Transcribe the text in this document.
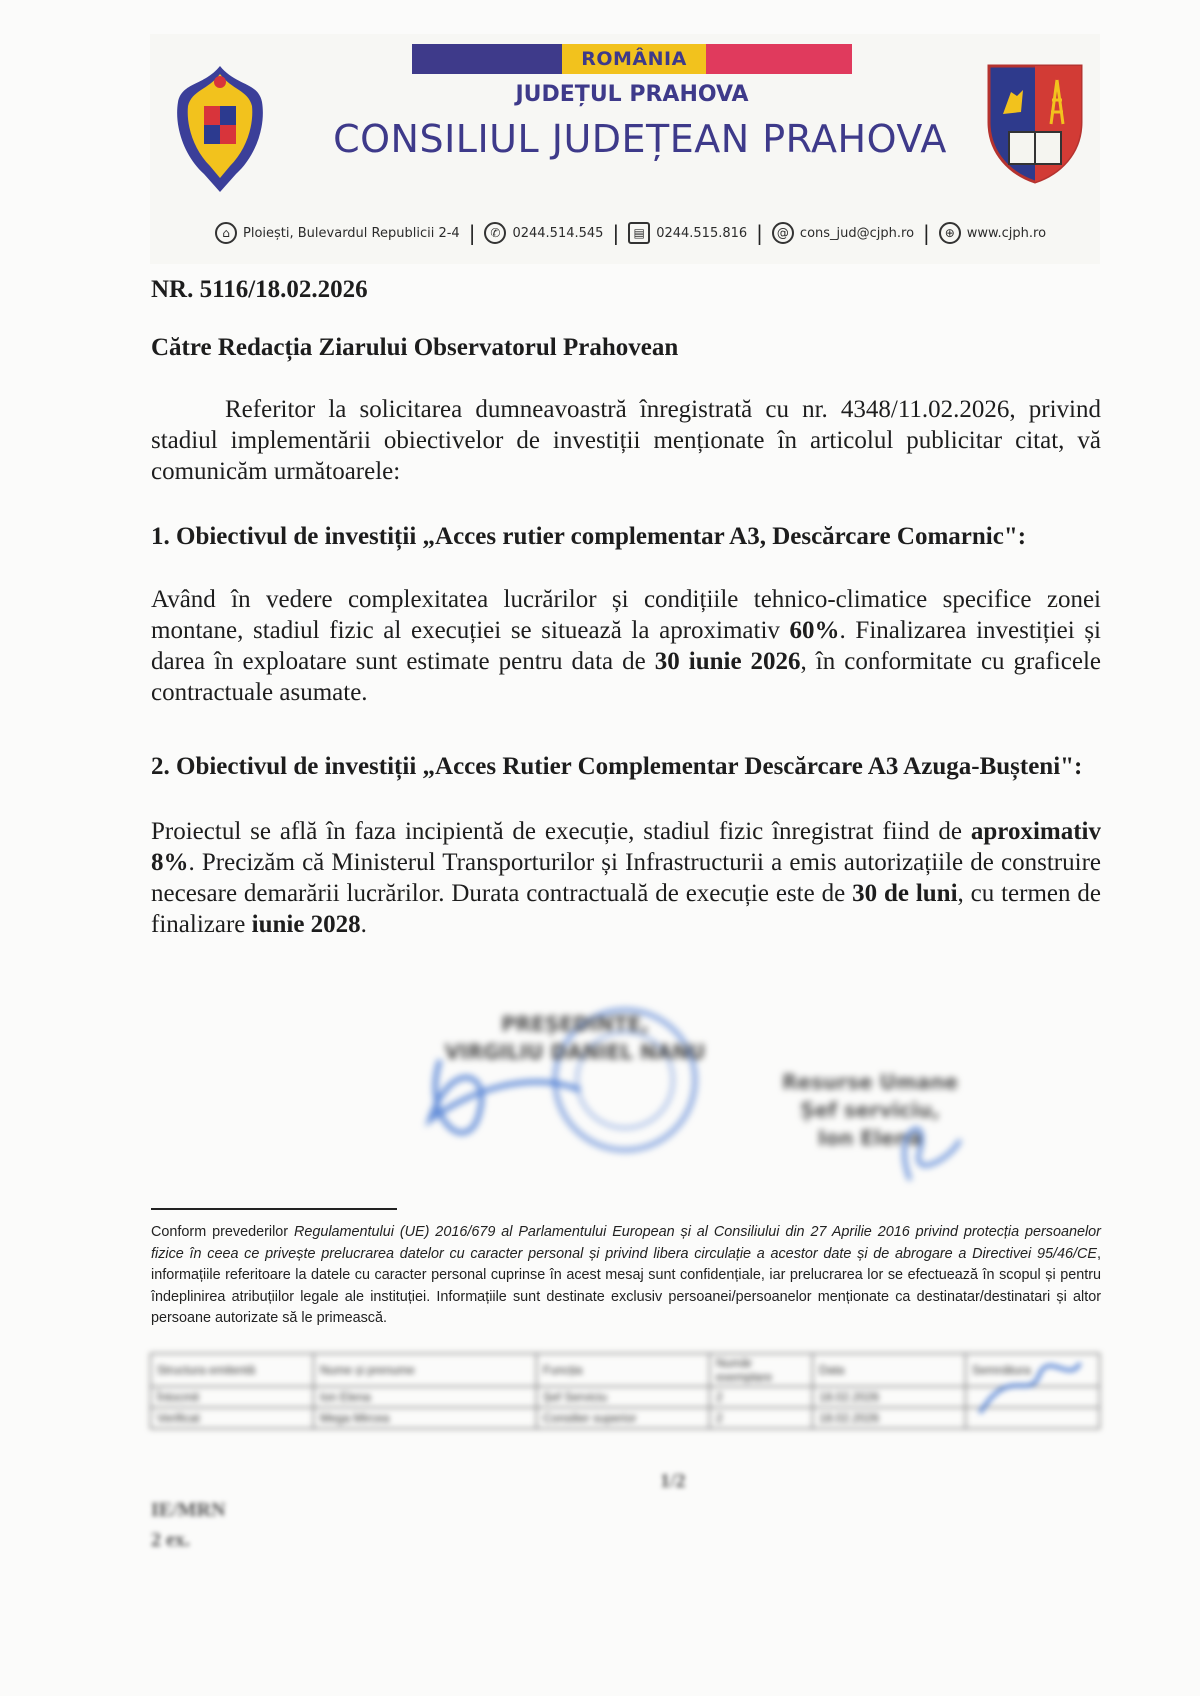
ROMÂNIA
JUDEȚUL PRAHOVA
CONSILIUL JUDEȚEAN PRAHOVA
⌂	Ploiești, Bulevardul Republicii 2-4 |	✆ 0244.514.545 |	▤ 0244.515.816 |	@ cons_jud@cjph.ro |	⊕ www.cjph.ro
NR. 5116/18.02.2026
Către Redacția Ziarului Observatorul Prahovean
Referitor la solicitarea dumneavoastră înregistrată cu nr. 4348/11.02.2026, privind stadiul implementării obiectivelor de investiții menționate în articolul publicitar citat, vă comunicăm următoarele:
1. Obiectivul de investiții „Acces rutier complementar A3, Descărcare Comarnic":
Având în vedere complexitatea lucrărilor și condițiile tehnico-climatice specifice zonei montane, stadiul fizic al execuției se situează la aproximativ 60%. Finalizarea investiției și darea în exploatare sunt estimate pentru data de 30 iunie 2026, în conformitate cu graficele contractuale asumate.
2. Obiectivul de investiții „Acces Rutier Complementar Descărcare A3 Azuga-Bușteni":
Proiectul se află în faza incipientă de execuție, stadiul fizic înregistrat fiind de aproximativ 8%. Precizăm că Ministerul Transporturilor și Infrastructurii a emis autorizațiile de construire necesare demarării lucrărilor. Durata contractuală de execuție este de 30 de luni, cu termen de finalizare iunie 2028.
PREȘEDINTE,
VIRGILIU DANIEL NANU
Resurse Umane
Șef serviciu,
Ion Elena
Conform prevederilor Regulamentului (UE) 2016/679 al Parlamentului European și al Consiliului din 27 Aprilie 2016 privind protecția persoanelor fizice în ceea ce privește prelucrarea datelor cu caracter personal și privind libera circulație a acestor date și de abrogare a Directivei 95/46/CE, informațiile referitoare la datele cu caracter personal cuprinse în acest mesaj sunt confidențiale, iar prelucrarea lor se efectuează în scopul și pentru îndeplinirea atribuțiilor legale ale instituției. Informațiile sunt destinate exclusiv persoanei/persoanelor menționate ca destinatar/destinatari și altor persoane autorizate să le primească.
Structura emitentă	Nume și prenume	Funcția	Număr exemplare	Data	Semnătura
Întocmit	Ion Elena	Șef Serviciu	2	18.02.2026	
Verificat	Mega Mircea	Consilier superior	2	18.02.2026	
1/2
IE/MRN
2 ex.
